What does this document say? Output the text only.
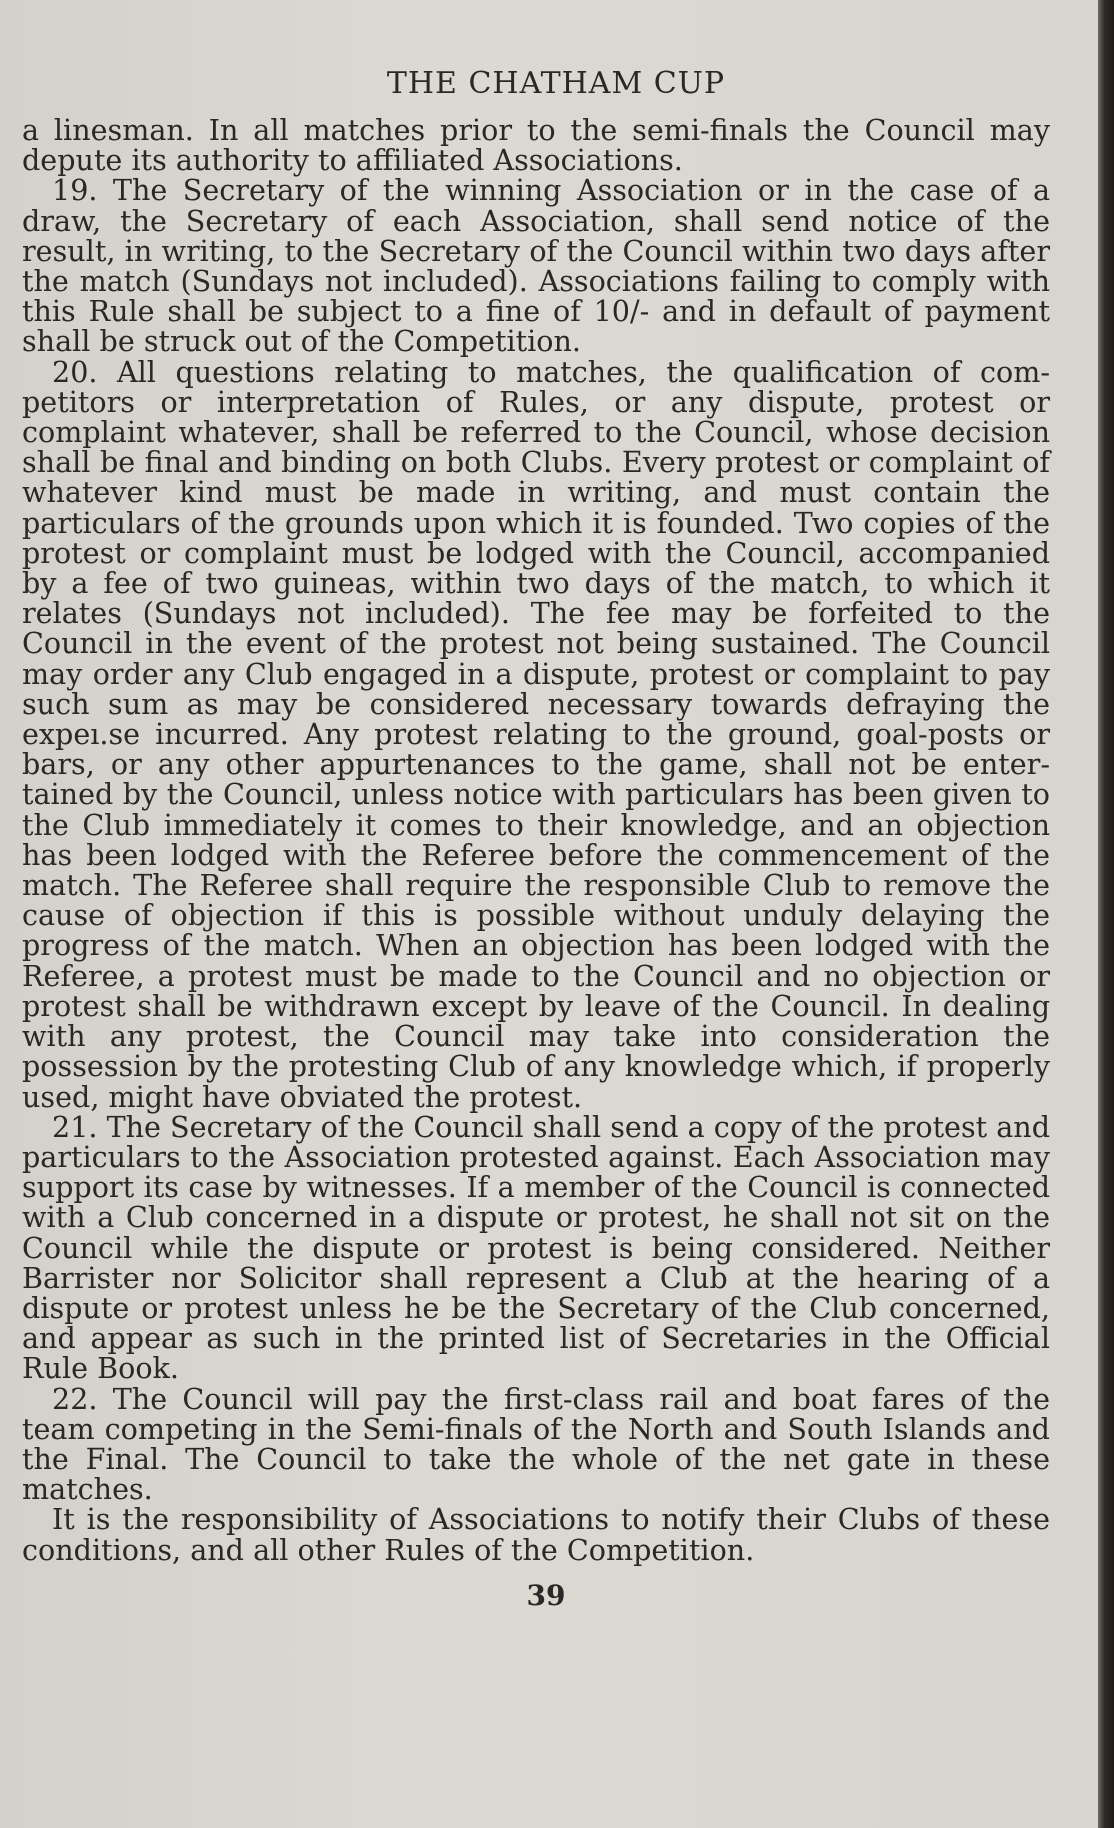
THE CHATHAM CUP

a linesman. In all matches prior to the semi-finals the Council may depute its authority to affiliated Associations.

19. The Secretary of the winning Association or in the case of a draw, the Secretary of each Association, shall send notice of the result, in writing, to the Secretary of the Council within two days after the match (Sundays not included). Associations failing to comply with this Rule shall be subject to a fine of 10/- and in default of payment shall be struck out of the Competition.

20. All questions relating to matches, the qualification of competitors or interpretation of Rules, or any dispute, protest or complaint whatever, shall be referred to the Council, whose decision shall be final and binding on both Clubs. Every protest or complaint of whatever kind must be made in writing, and must contain the particulars of the grounds upon which it is founded. Two copies of the protest or complaint must be lodged with the Council, accompanied by a fee of two guineas, within two days of the match, to which it relates (Sundays not included). The fee may be forfeited to the Council in the event of the protest not being sustained. The Council may order any Club engaged in a dispute, protest or complaint to pay such sum as may be considered necessary towards defraying the expeı.se incurred. Any protest relating to the ground, goal-posts or bars, or any other appurtenances to the game, shall not be entertained by the Council, unless notice with particulars has been given to the Club immediately it comes to their knowledge, and an objection has been lodged with the Referee before the commencement of the match. The Referee shall require the responsible Club to remove the cause of objection if this is possible without unduly delaying the progress of the match. When an objection has been lodged with the Referee, a protest must be made to the Council and no objection or protest shall be withdrawn except by leave of the Council. In dealing with any protest, the Council may take into consideration the possession by the protesting Club of any knowledge which, if properly used, might have obviated the protest.

21. The Secretary of the Council shall send a copy of the protest and particulars to the Association protested against. Each Association may support its case by witnesses. If a member of the Council is connected with a Club concerned in a dispute or protest, he shall not sit on the Council while the dispute or protest is being considered. Neither Barrister nor Solicitor shall represent a Club at the hearing of a dispute or protest unless he be the Secretary of the Club concerned, and appear as such in the printed list of Secretaries in the Official Rule Book.

22. The Council will pay the first-class rail and boat fares of the team competing in the Semi-finals of the North and South Islands and the Final. The Council to take the whole of the net gate in these matches.

It is the responsibility of Associations to notify their Clubs of these conditions, and all other Rules of the Competition.

39
